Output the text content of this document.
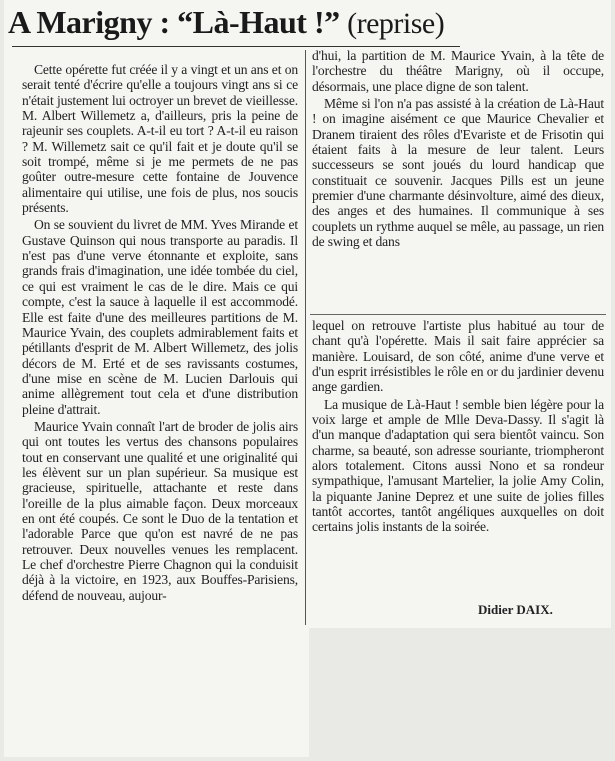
A Marigny : “Là-Haut !” (reprise)

Cette opérette fut créée il y a vingt et un ans et on serait tenté d'écrire qu'elle a toujours vingt ans si ce n'était justement lui octroyer un brevet de vieillesse. M. Albert Willemetz a, d'ailleurs, pris la peine de rajeunir ses couplets. A-t-il eu tort ? A-t-il eu raison ? M. Willemetz sait ce qu'il fait et je doute qu'il se soit trompé, même si je me permets de ne pas goûter outre-mesure cette fontaine de Jouvence alimentaire qui utilise, une fois de plus, nos soucis présents.

On se souvient du livret de MM. Yves Mirande et Gustave Quinson qui nous transporte au paradis. Il n'est pas d'une verve étonnante et exploite, sans grands frais d'imagination, une idée tombée du ciel, ce qui est vraiment le cas de le dire. Mais ce qui compte, c'est la sauce à laquelle il est accommodé. Elle est faite d'une des meilleures partitions de M. Maurice Yvain, des couplets admirablement faits et pétillants d'esprit de M. Albert Willemetz, des jolis décors de M. Erté et de ses ravissants costumes, d'une mise en scène de M. Lucien Darlouis qui anime allègrement tout cela et d'une distribution pleine d'attrait.

Maurice Yvain connaît l'art de broder de jolis airs qui ont toutes les vertus des chansons populaires tout en conservant une qualité et une originalité qui les élèvent sur un plan supérieur. Sa musique est gracieuse, spirituelle, attachante et reste dans l'oreille de la plus aimable façon. Deux morceaux en ont été coupés. Ce sont le Duo de la tentation et l'adorable Parce que qu'on est navré de ne pas retrouver. Deux nouvelles venues les remplacent. Le chef d'orchestre Pierre Chagnon qui la conduisit déjà à la victoire, en 1923, aux Bouffes-Parisiens, défend de nouveau, aujour-

d'hui, la partition de M. Maurice Yvain, à la tête de l'orchestre du théâtre Marigny, où il occupe, désormais, une place digne de son talent.

Même si l'on n'a pas assisté à la création de Là-Haut ! on imagine aisément ce que Maurice Chevalier et Dranem tiraient des rôles d'Evariste et de Frisotin qui étaient faits à la mesure de leur talent. Leurs successeurs se sont joués du lourd handicap que constituait ce souvenir. Jacques Pills est un jeune premier d'une charmante désinvolture, aimé des dieux, des anges et des humaines. Il communique à ses couplets un rythme auquel se mêle, au passage, un rien de swing et dans

lequel on retrouve l'artiste plus habitué au tour de chant qu'à l'opérette. Mais il sait faire apprécier sa manière. Louisard, de son côté, anime d'une verve et d'un esprit irrésistibles le rôle en or du jardinier devenu ange gardien.

La musique de Là-Haut ! semble bien légère pour la voix large et ample de Mlle Deva-Dassy. Il s'agit là d'un manque d'adaptation qui sera bientôt vaincu. Son charme, sa beauté, son adresse souriante, triompheront alors totalement. Citons aussi Nono et sa rondeur sympathique, l'amusant Martelier, la jolie Amy Colin, la piquante Janine Deprez et une suite de jolies filles tantôt accortes, tantôt angéliques auxquelles on doit certains jolis instants de la soirée.

Didier DAIX.
